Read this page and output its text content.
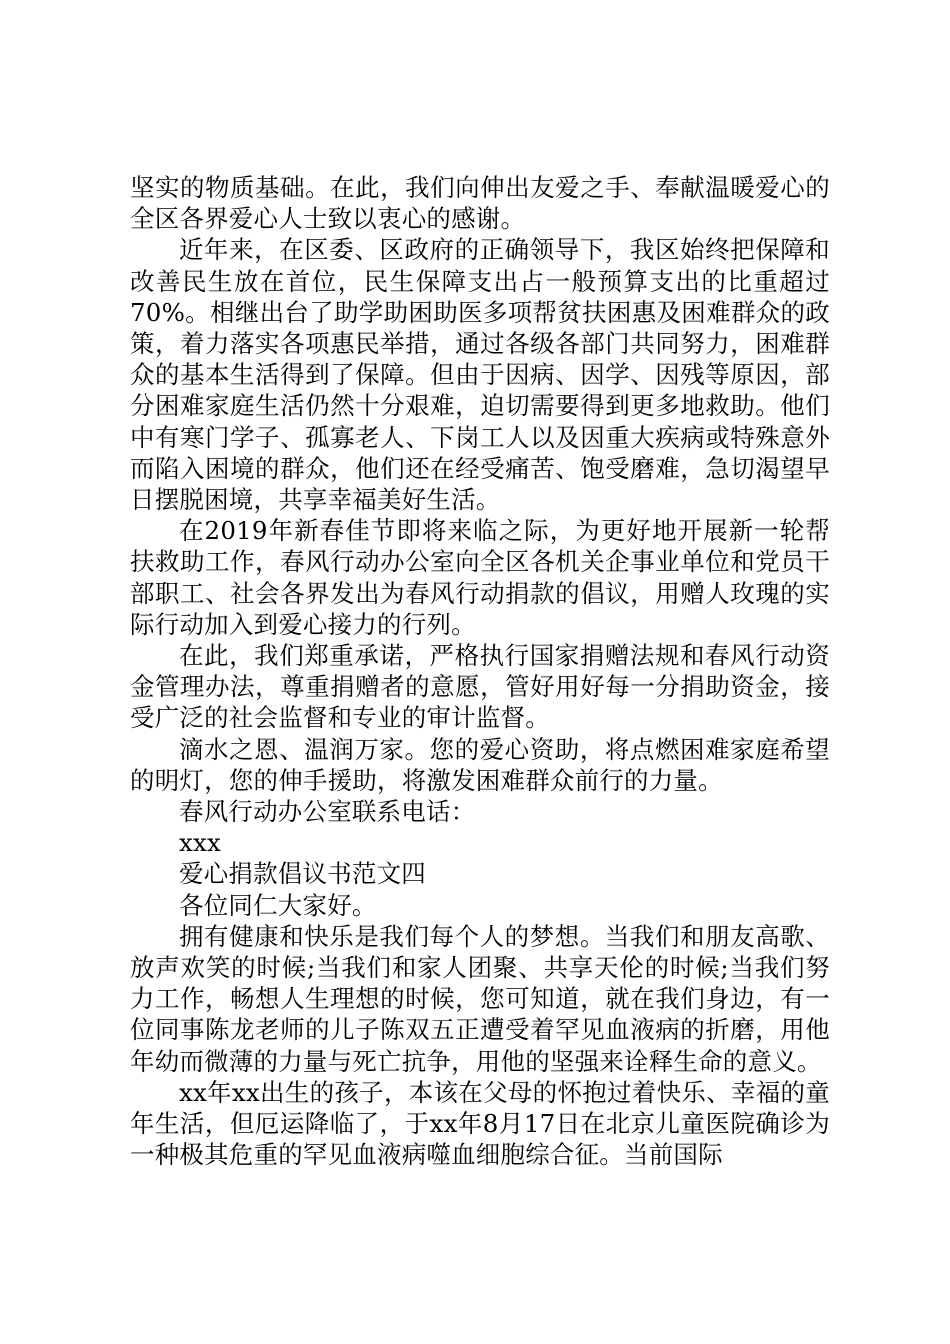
坚实的物质基础。在此，我们向伸出友爱之手、奉献温暖爱心的全区各界爱心人士致以衷心的感谢。

近年来，在区委、区政府的正确领导下，我区始终把保障和改善民生放在首位，民生保障支出占一般预算支出的比重超过70%。相继出台了助学助困助医多项帮贫扶困惠及困难群众的政策，着力落实各项惠民举措，通过各级各部门共同努力，困难群众的基本生活得到了保障。但由于因病、因学、因残等原因，部分困难家庭生活仍然十分艰难，迫切需要得到更多地救助。他们中有寒门学子、孤寡老人、下岗工人以及因重大疾病或特殊意外而陷入困境的群众，他们还在经受痛苦、饱受磨难，急切渴望早日摆脱困境，共享幸福美好生活。

在2019年新春佳节即将来临之际，为更好地开展新一轮帮扶救助工作，春风行动办公室向全区各机关企事业单位和党员干部职工、社会各界发出为春风行动捐款的倡议，用赠人玫瑰的实际行动加入到爱心接力的行列。

在此，我们郑重承诺，严格执行国家捐赠法规和春风行动资金管理办法，尊重捐赠者的意愿，管好用好每一分捐助资金，接受广泛的社会监督和专业的审计监督。

滴水之恩、温润万家。您的爱心资助，将点燃困难家庭希望的明灯，您的伸手援助，将激发困难群众前行的力量。

春风行动办公室联系电话：

xxx

爱心捐款倡议书范文四

各位同仁大家好。

拥有健康和快乐是我们每个人的梦想。当我们和朋友高歌、放声欢笑的时候;当我们和家人团聚、共享天伦的时候;当我们努力工作，畅想人生理想的时候，您可知道，就在我们身边，有一位同事陈龙老师的儿子陈双五正遭受着罕见血液病的折磨，用他年幼而微薄的力量与死亡抗争，用他的坚强来诠释生命的意义。

xx年xx出生的孩子，本该在父母的怀抱过着快乐、幸福的童年生活，但厄运降临了，于xx年8月17日在北京儿童医院确诊为一种极其危重的罕见血液病噬血细胞综合征。当前国际
